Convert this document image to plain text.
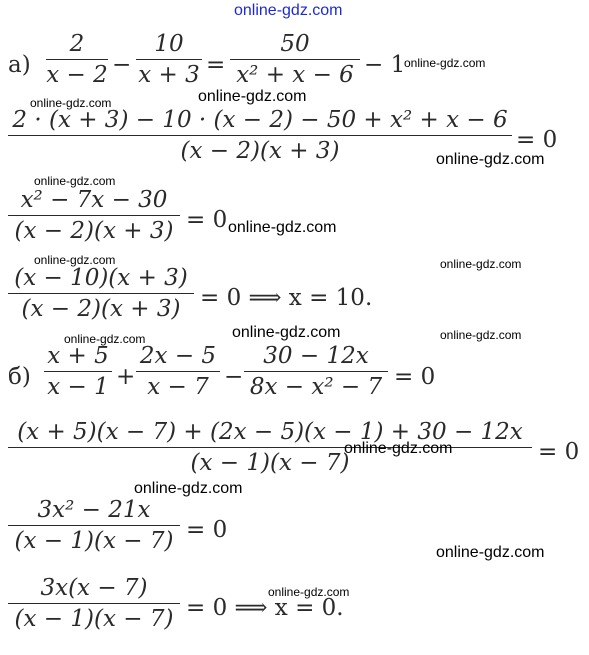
а)
2
x − 2 −
10
x + 3 =
50
x² + x − 6 − 1
2 · (x + 3) − 10 · (x − 2) − 50 + x² + x − 6
(x − 2)(x + 3)	= 0
x² − 7x − 30
(x − 2)(x + 3) = 0
(x − 10)(x + 3)
(x − 2)(x + 3) = 0 ⟹ x = 10.
б)
x + 5
x − 1 +
2x − 5
x − 7 −
30 − 12x
8x − x² − 7 = 0
(x + 5)(x − 7) + (2x − 5)(x − 1) + 30 − 12x
(x − 1)(x − 7)	= 0
3x² − 21x
(x − 1)(x − 7) = 0
3x(x − 7)
(x − 1)(x − 7) = 0 ⟹ x = 0.
online-gdz.com
online-gdz.com
online-gdz.com	online-gdz.com
online-gdz.com
online-gdz.com
online-gdz.com
online-gdz.com	online-gdz.com
online-gdz.com	online-gdz.com
online-gdz.com
online-gdz.com
online-gdz.com
online-gdz.com
online-gdz.com
